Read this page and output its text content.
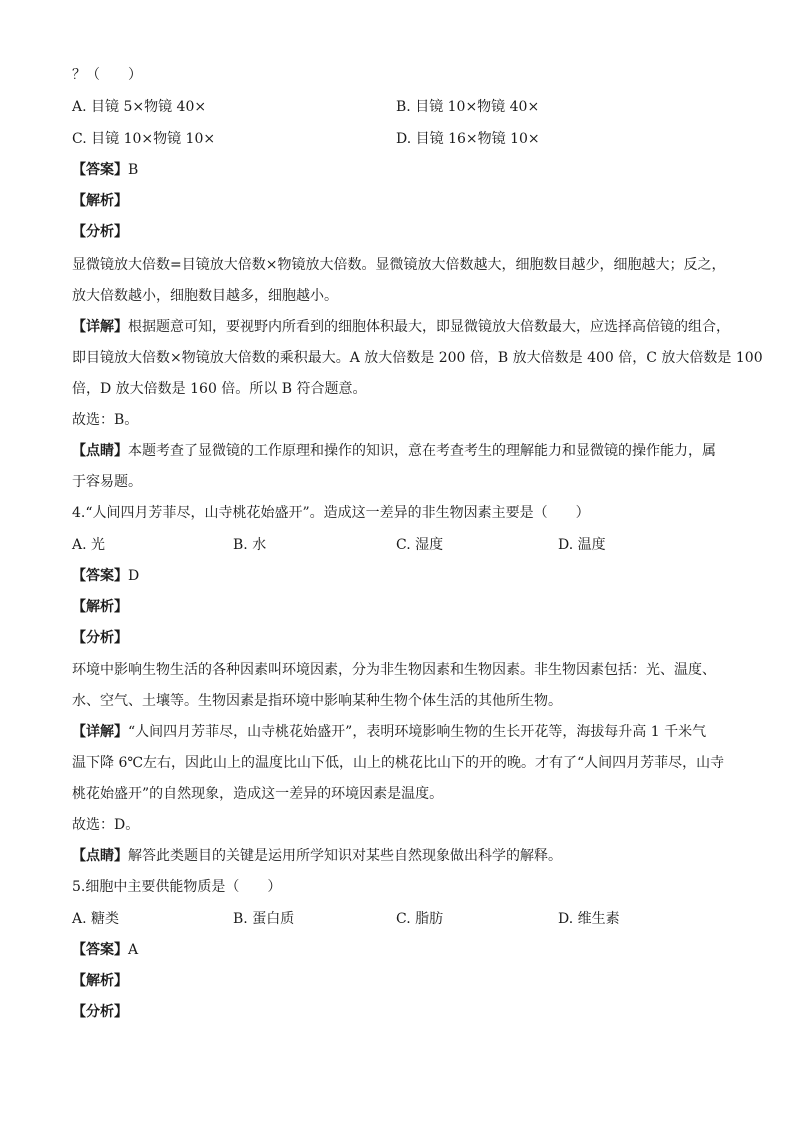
？（　　）
A. 目镜 5×物镜 40×	B. 目镜 10×物镜 40×
C. 目镜 10×物镜 10×	D. 目镜 16×物镜 10×
【答案】B
【解析】
【分析】
显微镜放大倍数=目镜放大倍数×物镜放大倍数。显微镜放大倍数越大，细胞数目越少，细胞越大；反之，
放大倍数越小，细胞数目越多，细胞越小。
【详解】根据题意可知，要视野内所看到的细胞体积最大，即显微镜放大倍数最大，应选择高倍镜的组合，
即目镜放大倍数×物镜放大倍数的乘积最大。A 放大倍数是 200 倍，B 放大倍数是 400 倍，C 放大倍数是 100
倍，D 放大倍数是 160 倍。所以 B 符合题意。
故选：B。
【点睛】本题考查了显微镜的工作原理和操作的知识，意在考查考生的理解能力和显微镜的操作能力，属
于容易题。
4.“人间四月芳菲尽，山寺桃花始盛开”。造成这一差异的非生物因素主要是（　　）
A. 光	B. 水	C. 湿度	D. 温度
【答案】D
【解析】
【分析】
环境中影响生物生活的各种因素叫环境因素，分为非生物因素和生物因素。非生物因素包括：光、温度、
水、空气、土壤等。生物因素是指环境中影响某种生物个体生活的其他所生物。
【详解】“人间四月芳菲尽，山寺桃花始盛开”，表明环境影响生物的生长开花等，海拔每升高 1 千米气
温下降 6℃左右，因此山上的温度比山下低，山上的桃花比山下的开的晚。才有了“人间四月芳菲尽，山寺
桃花始盛开”的自然现象，造成这一差异的环境因素是温度。
故选：D。
【点睛】解答此类题目的关键是运用所学知识对某些自然现象做出科学的解释。
5.细胞中主要供能物质是（　　）
A. 糖类	B. 蛋白质	C. 脂肪	D. 维生素
【答案】A
【解析】
【分析】
